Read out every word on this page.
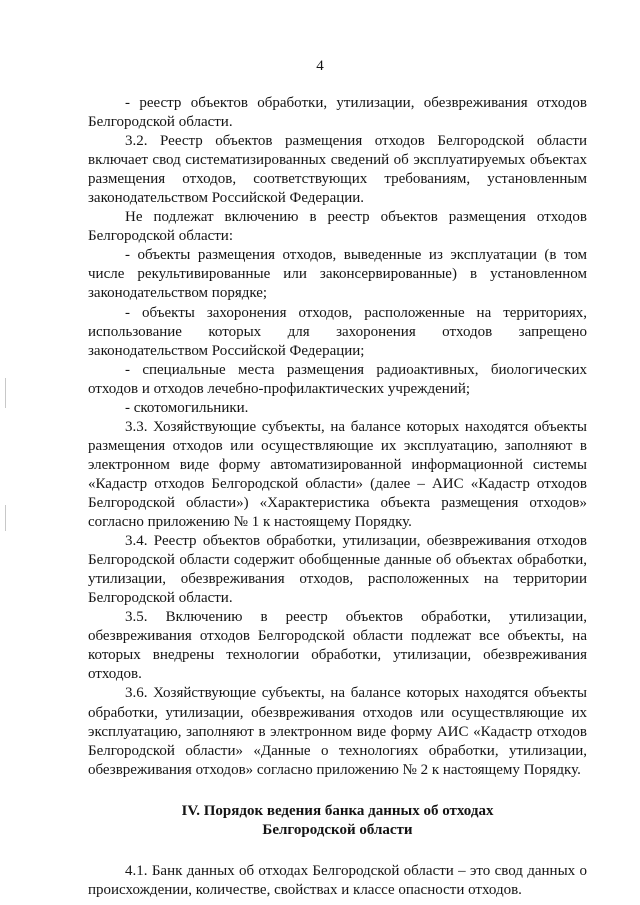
4

- реестр объектов обработки, утилизации, обезвреживания отходов Белгородской области.

3.2. Реестр объектов размещения отходов Белгородской области включает свод систематизированных сведений об эксплуатируемых объектах размещения отходов, соответствующих требованиям, установленным законодательством Российской Федерации.

Не подлежат включению в реестр объектов размещения отходов Белгородской области:

- объекты размещения отходов, выведенные из эксплуатации (в том числе рекультивированные или законсервированные) в установленном законодательством порядке;

- объекты захоронения отходов, расположенные на территориях, использование которых для захоронения отходов запрещено законодательством Российской Федерации;

- специальные места размещения радиоактивных, биологических отходов и отходов лечебно-профилактических учреждений;

- скотомогильники.

3.3. Хозяйствующие субъекты, на балансе которых находятся объекты размещения отходов или осуществляющие их эксплуатацию, заполняют в электронном виде форму автоматизированной информационной системы «Кадастр отходов Белгородской области» (далее – АИС «Кадастр отходов Белгородской области») «Характеристика объекта размещения отходов» согласно приложению № 1 к настоящему Порядку.

3.4. Реестр объектов обработки, утилизации, обезвреживания отходов Белгородской области содержит обобщенные данные об объектах обработки, утилизации, обезвреживания отходов, расположенных на территории Белгородской области.

3.5. Включению в реестр объектов обработки, утилизации, обезвреживания отходов Белгородской области подлежат все объекты, на которых внедрены технологии обработки, утилизации, обезвреживания отходов.

3.6. Хозяйствующие субъекты, на балансе которых находятся объекты обработки, утилизации, обезвреживания отходов или осуществляющие их эксплуатацию, заполняют в электронном виде форму АИС «Кадастр отходов Белгородской области» «Данные о технологиях обработки, утилизации, обезвреживания отходов» согласно приложению № 2 к настоящему Порядку.

IV. Порядок ведения банка данных об отходах
Белгородской области

4.1. Банк данных об отходах Белгородской области – это свод данных о происхождении, количестве, свойствах и классе опасности отходов.
